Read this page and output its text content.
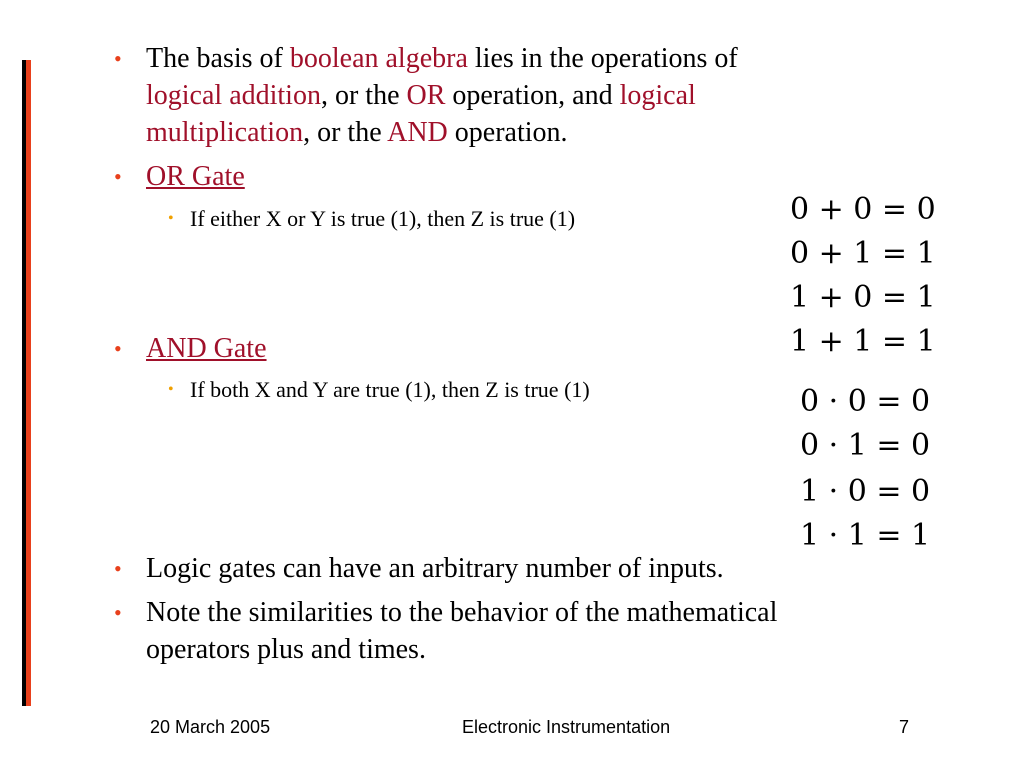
• The basis of boolean algebra lies in the operations of
logical addition, or the OR operation, and logical
multiplication, or the AND operation.
• OR Gate
• If either X or Y is true (1), then Z is true (1)	0 + 0 = 0
0 + 1 = 1
1 + 0 = 1
1 + 1 = 1
• AND Gate
• If both X and Y are true (1), then Z is true (1)	0 · 0 = 0
0 · 1 = 0
1 · 0 = 0
1 · 1 = 1
• Logic gates can have an arbitrary number of inputs.
• Note the similarities to the behavior of the mathematical
operators plus and times.
20 March 2005	Electronic Instrumentation	7
